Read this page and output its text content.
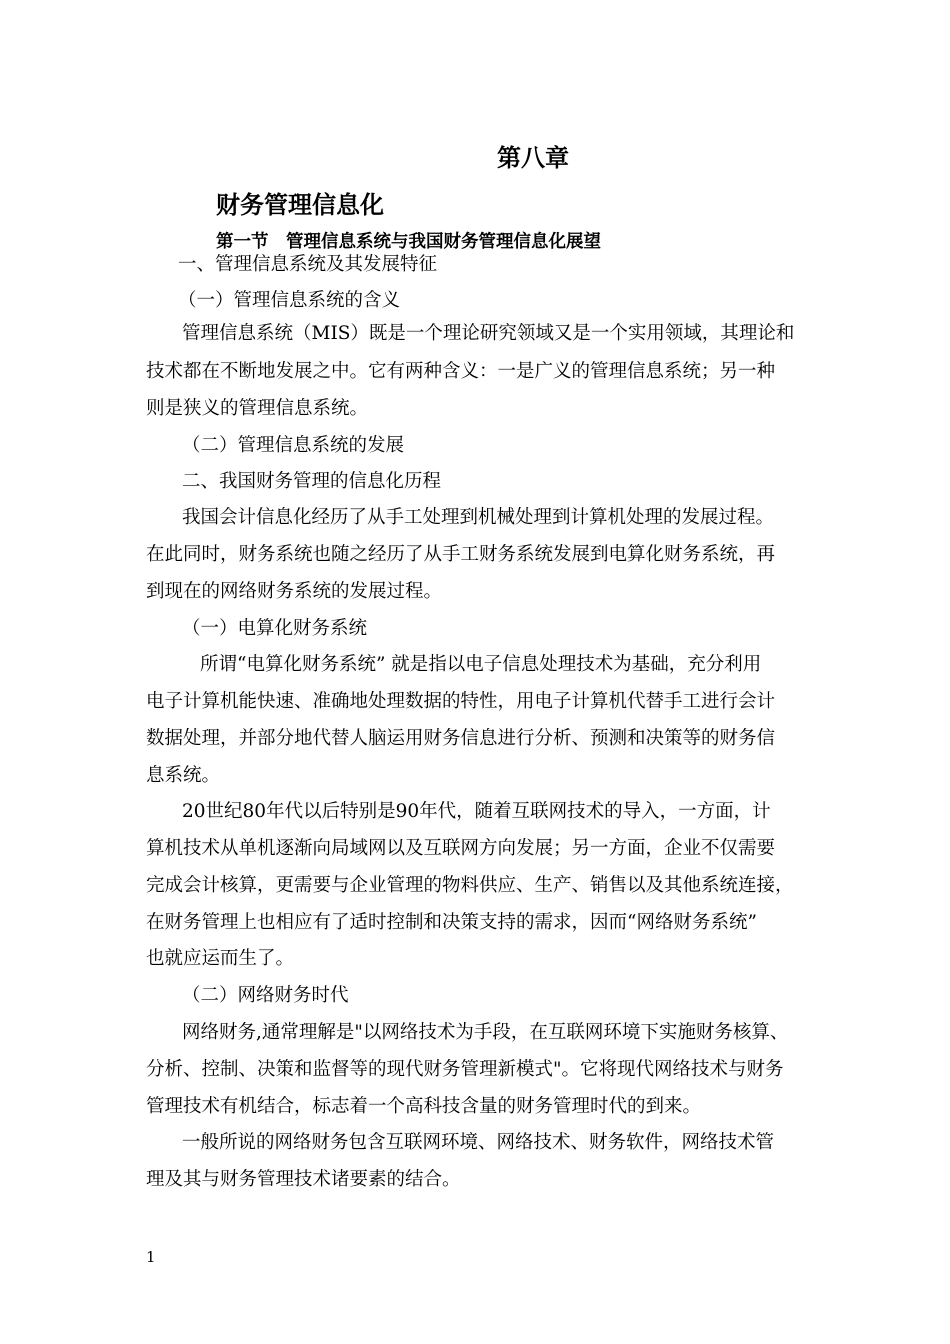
第八章
财务管理信息化
第一节　管理信息系统与我国财务管理信息化展望
一、管理信息系统及其发展特征
（一）管理信息系统的含义
管理信息系统（MIS）既是一个理论研究领域又是一个实用领域，其理论和
技术都在不断地发展之中。它有两种含义：一是广义的管理信息系统；另一种
则是狭义的管理信息系统。
（二）管理信息系统的发展
二、我国财务管理的信息化历程
我国会计信息化经历了从手工处理到机械处理到计算机处理的发展过程。
在此同时，财务系统也随之经历了从手工财务系统发展到电算化财务系统，再
到现在的网络财务系统的发展过程。
（一）电算化财务系统
所谓“电算化财务系统” 就是指以电子信息处理技术为基础，充分利用
电子计算机能快速、准确地处理数据的特性，用电子计算机代替手工进行会计
数据处理，并部分地代替人脑运用财务信息进行分析、预测和决策等的财务信
息系统。
20世纪80年代以后特别是90年代，随着互联网技术的导入，一方面，计
算机技术从单机逐渐向局域网以及互联网方向发展；另一方面，企业不仅需要
完成会计核算，更需要与企业管理的物料供应、生产、销售以及其他系统连接，
在财务管理上也相应有了适时控制和决策支持的需求，因而“网络财务系统”
也就应运而生了。
（二）网络财务时代
网络财务,通常理解是"以网络技术为手段，在互联网环境下实施财务核算、
分析、控制、决策和监督等的现代财务管理新模式"。它将现代网络技术与财务
管理技术有机结合，标志着一个高科技含量的财务管理时代的到来。
一般所说的网络财务包含互联网环境、网络技术、财务软件，网络技术管
理及其与财务管理技术诸要素的结合。
1
